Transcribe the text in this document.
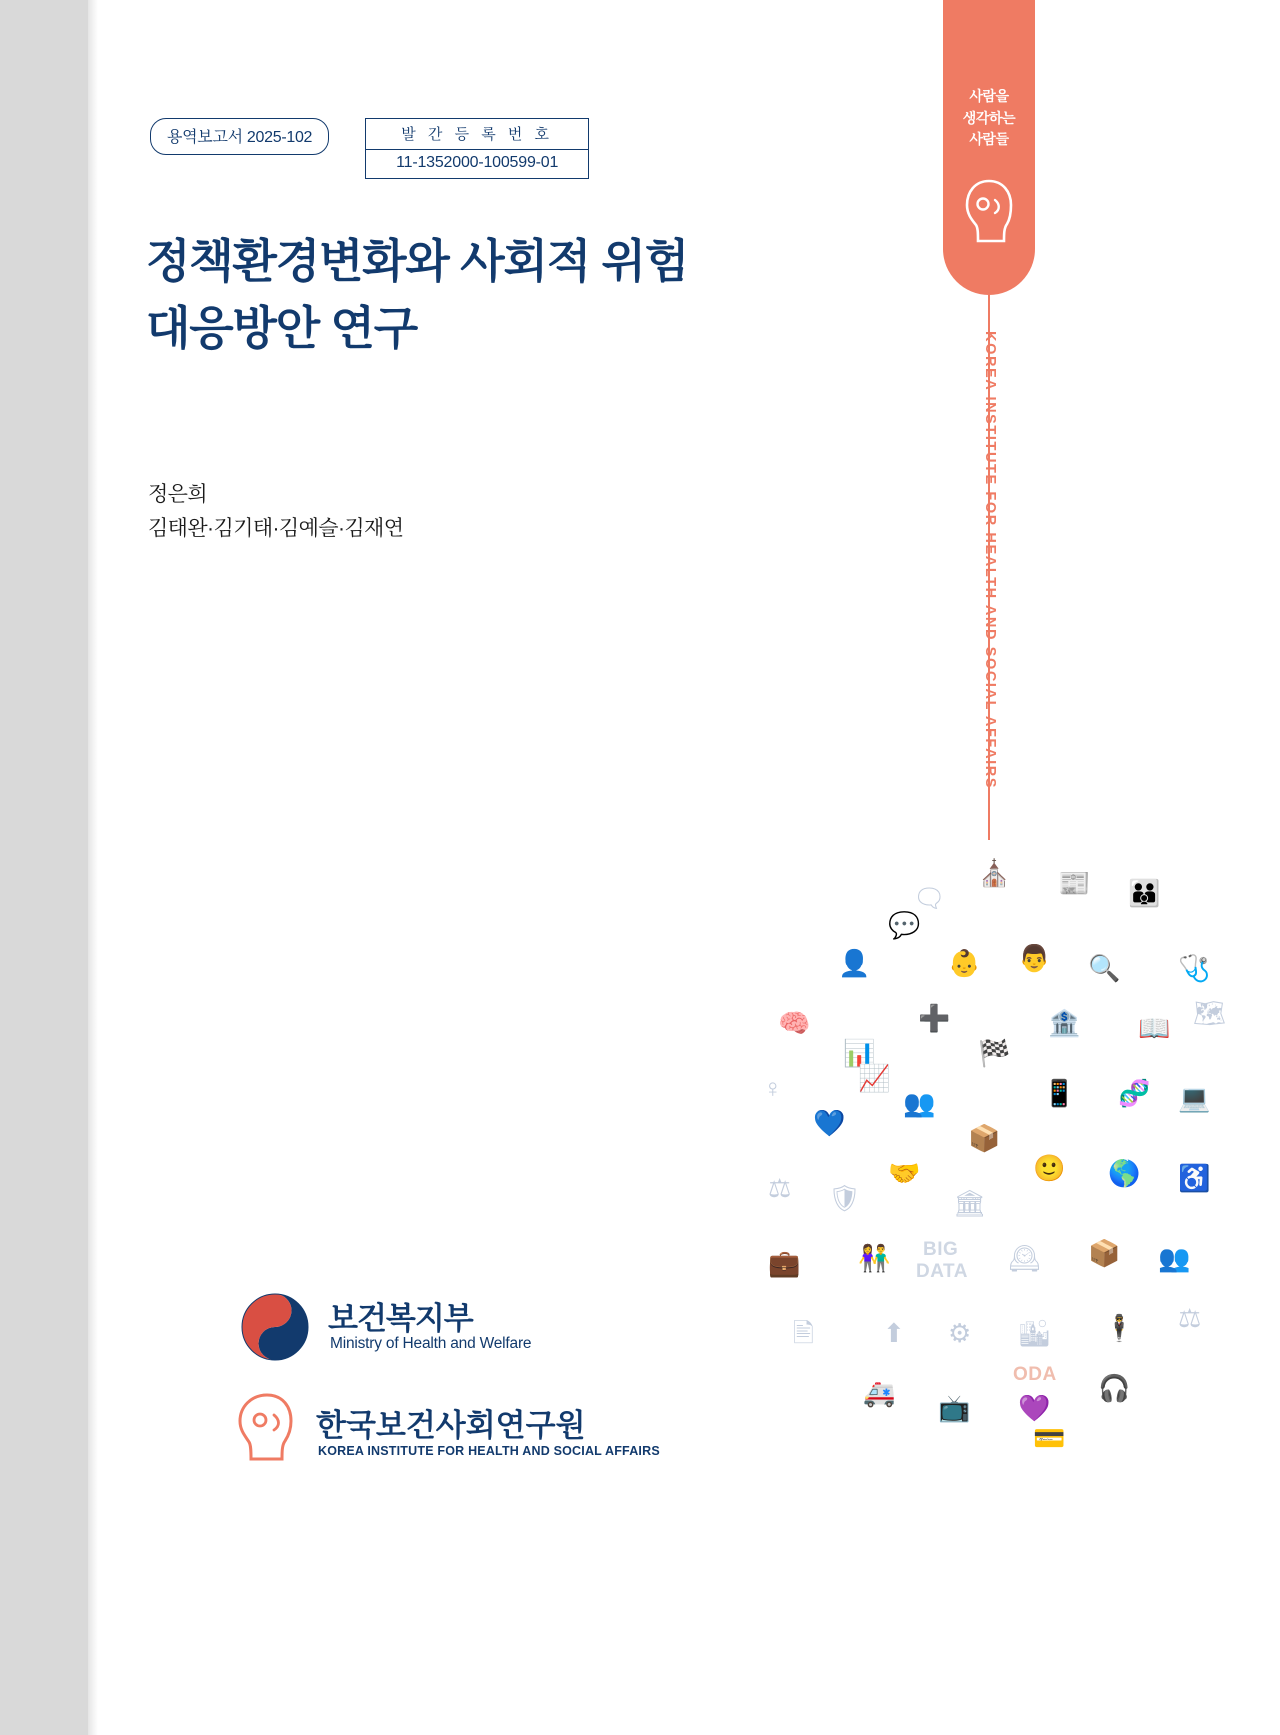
용역보고서 2025-102	발 간 등 록 번 호
11-1352000-100599-01
정책환경변화와 사회적 위험
대응방안 연구
정은희
김태완·김기태·김예슬·김재연
사람을
생각하는
사람들
KOREA INSTITUTE FOR HEALTH AND SOCIAL AFFAIRS
⛪ 📰 👪
🗨
💬
👤	👶 👨 🔍 🩺
🧠	➕
📊	🏁
🏦 📖 🗺
♀	📈
👥	📱 🧬 💻
💙	📦
⚖ 🛡
🤝
🏛
🙂 🌎 ♿
💼 👫	🕰 📦 👥
🖹	⬆ ⚙ 🏙 🕴 ⚖
🚑 📺 💜
🎧
💳
BIG
DATA
ODA
보건복지부
Ministry of Health and Welfare
한국보건사회연구원
KOREA INSTITUTE FOR HEALTH AND SOCIAL AFFAIRS
